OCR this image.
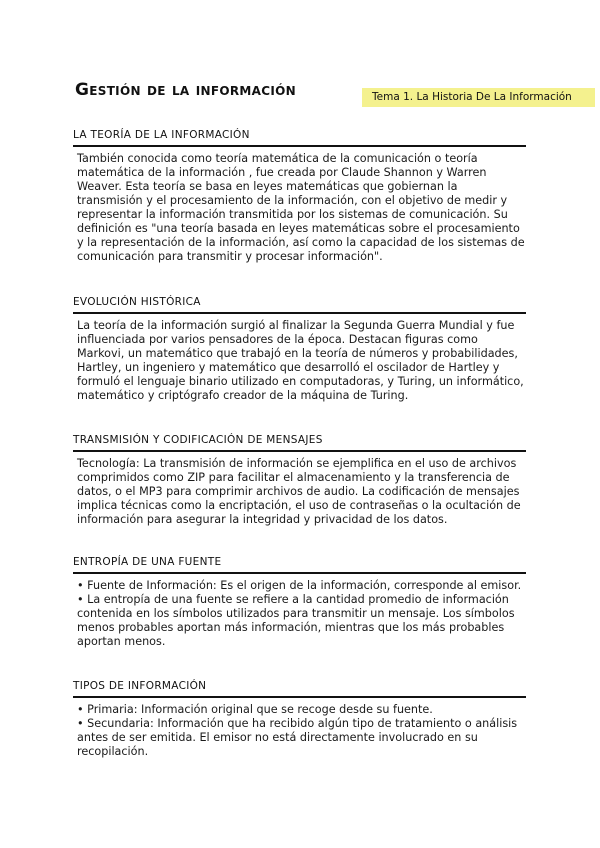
Gestión de la información	Tema 1. La Historia De La Información
LA TEORÍA DE LA INFORMACIÓN

También conocida como teoría matemática de la comunicación o teoría matemática de la información , fue creada por Claude Shannon y Warren Weaver. Esta teoría se basa en leyes matemáticas que gobiernan la transmisión y el procesamiento de la información, con el objetivo de medir y representar la información transmitida por los sistemas de comunicación. Su definición es "una teoría basada en leyes matemáticas sobre el procesamiento y la representación de la información, así como la capacidad de los sistemas de comunicación para transmitir y procesar información".

EVOLUCIÓN HISTÓRICA

La teoría de la información surgió al finalizar la Segunda Guerra Mundial y fue influenciada por varios pensadores de la época. Destacan figuras como Markovi, un matemático que trabajó en la teoría de números y probabilidades, Hartley, un ingeniero y matemático que desarrolló el oscilador de Hartley y formuló el lenguaje binario utilizado en computadoras, y Turing, un informático, matemático y criptógrafo creador de la máquina de Turing.

TRANSMISIÓN Y CODIFICACIÓN DE MENSAJES

Tecnología: La transmisión de información se ejemplifica en el uso de archivos comprimidos como ZIP para facilitar el almacenamiento y la transferencia de datos, o el MP3 para comprimir archivos de audio. La codificación de mensajes implica técnicas como la encriptación, el uso de contraseñas o la ocultación de información para asegurar la integridad y privacidad de los datos.

ENTROPÍA DE UNA FUENTE

• Fuente de Información: Es el origen de la información, corresponde al emisor.

• La entropía de una fuente se refiere a la cantidad promedio de información contenida en los símbolos utilizados para transmitir un mensaje. Los símbolos menos probables aportan más información, mientras que los más probables aportan menos.

TIPOS DE INFORMACIÓN

• Primaria: Información original que se recoge desde su fuente.

• Secundaria: Información que ha recibido algún tipo de tratamiento o análisis antes de ser emitida. El emisor no está directamente involucrado en su recopilación.
